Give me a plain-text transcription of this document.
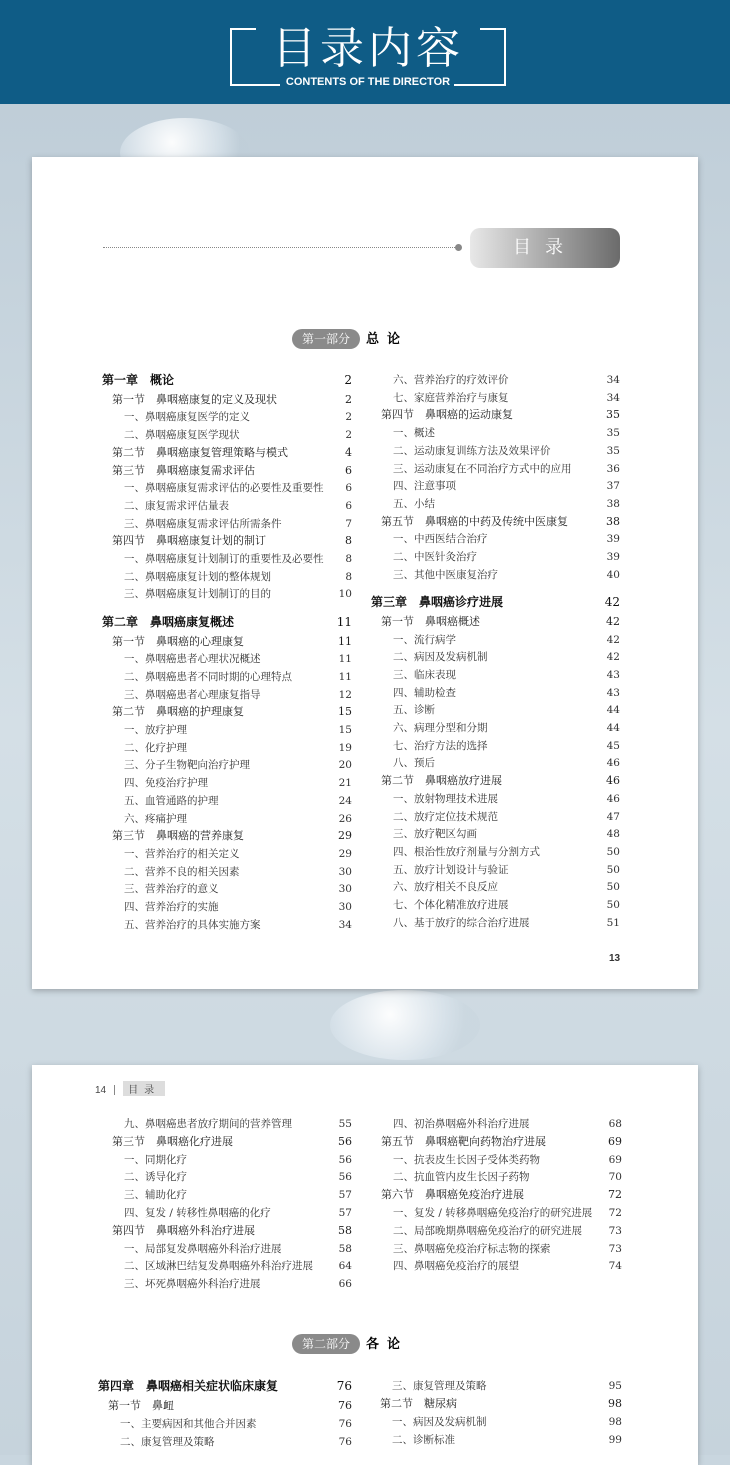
目录内容
CONTENTS OF THE DIRECTOR
目录
第一部分 总论
第一章　概论	2
第一节　鼻咽癌康复的定义及现状	2
一、鼻咽癌康复医学的定义	2
二、鼻咽癌康复医学现状	2
第二节　鼻咽癌康复管理策略与模式	4
第三节　鼻咽癌康复需求评估	6
一、鼻咽癌康复需求评估的必要性及重要性 6
二、康复需求评估量表	6
三、鼻咽癌康复需求评估所需条件	7
第四节　鼻咽癌康复计划的制订	8
一、鼻咽癌康复计划制订的重要性及必要性 8
二、鼻咽癌康复计划的整体规划	8
三、鼻咽癌康复计划制订的目的	10
第二章　鼻咽癌康复概述	11
第一节　鼻咽癌的心理康复	11
一、鼻咽癌患者心理状况概述	11
二、鼻咽癌患者不同时期的心理特点	11
三、鼻咽癌患者心理康复指导	12
第二节　鼻咽癌的护理康复	15
一、放疗护理	15
二、化疗护理	19
三、分子生物靶向治疗护理	20
四、免疫治疗护理	21
五、血管通路的护理	24
六、疼痛护理	26
第三节　鼻咽癌的营养康复	29
一、营养治疗的相关定义	29
二、营养不良的相关因素	30
三、营养治疗的意义	30
四、营养治疗的实施	30
五、营养治疗的具体实施方案	34
六、营养治疗的疗效评价	34
七、家庭营养治疗与康复	34
第四节　鼻咽癌的运动康复	35
一、概述	35
二、运动康复训练方法及效果评价	35
三、运动康复在不同治疗方式中的应用	36
四、注意事项	37
五、小结	38
第五节　鼻咽癌的中药及传统中医康复	38
一、中西医结合治疗	39
二、中医针灸治疗	39
三、其他中医康复治疗	40
第三章　鼻咽癌诊疗进展	42
第一节　鼻咽癌概述	42
一、流行病学	42
二、病因及发病机制	42
三、临床表现	43
四、辅助检查	43
五、诊断	44
六、病理分型和分期	44
七、治疗方法的选择	45
八、预后	46
第二节　鼻咽癌放疗进展	46
一、放射物理技术进展	46
二、放疗定位技术规范	47
三、放疗靶区勾画	48
四、根治性放疗剂量与分割方式	50
五、放疗计划设计与验证	50
六、放疗相关不良反应	50
七、个体化精准放疗进展	50
八、基于放疗的综合治疗进展	51
13
14 目录
九、鼻咽癌患者放疗期间的营养管理	55
第三节　鼻咽癌化疗进展	56
一、同期化疗	56
二、诱导化疗	56
三、辅助化疗	57
四、复发 / 转移性鼻咽癌的化疗	57
第四节　鼻咽癌外科治疗进展	58
一、局部复发鼻咽癌外科治疗进展	58
二、区域淋巴结复发鼻咽癌外科治疗进展 64
三、坏死鼻咽癌外科治疗进展	66
四、初治鼻咽癌外科治疗进展	68
第五节　鼻咽癌靶向药物治疗进展	69
一、抗表皮生长因子受体类药物	69
二、抗血管内皮生长因子药物	70
第六节　鼻咽癌免疫治疗进展	72
一、复发 / 转移鼻咽癌免疫治疗的研究进展 72
二、局部晚期鼻咽癌免疫治疗的研究进展	73
三、鼻咽癌免疫治疗标志物的探索	73
四、鼻咽癌免疫治疗的展望	74
第二部分 各论
第四章　鼻咽癌相关症状临床康复	76
第一节　鼻衄	76
一、主要病因和其他合并因素	76
二、康复管理及策略	76
三、康复管理及策略	95
第二节　糖尿病	98
一、病因及发病机制	98
二、诊断标准	99
